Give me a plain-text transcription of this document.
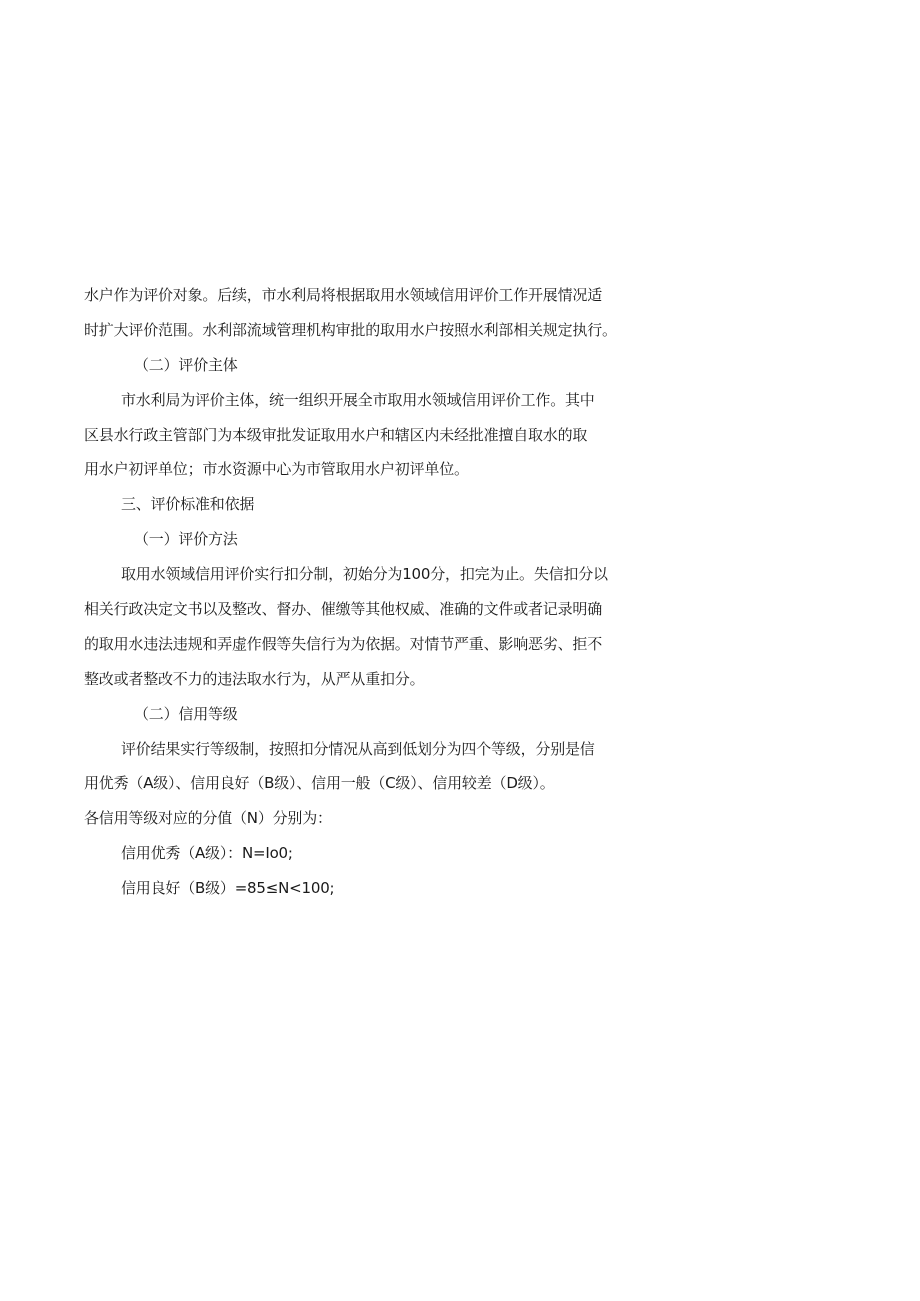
水户作为评价对象。后续，市水利局将根据取用水领域信用评价工作开展情况适
时扩大评价范围。水利部流域管理机构审批的取用水户按照水利部相关规定执行。
（二）评价主体
市水利局为评价主体，统一组织开展全市取用水领域信用评价工作。其中
区县水行政主管部门为本级审批发证取用水户和辖区内未经批准擅自取水的取
用水户初评单位；市水资源中心为市管取用水户初评单位。
三、评价标准和依据
（一）评价方法
取用水领域信用评价实行扣分制，初始分为100分，扣完为止。失信扣分以
相关行政决定文书以及整改、督办、催缴等其他权威、准确的文件或者记录明确
的取用水违法违规和弄虚作假等失信行为为依据。对情节严重、影响恶劣、拒不
整改或者整改不力的违法取水行为，从严从重扣分。
（二）信用等级
评价结果实行等级制，按照扣分情况从高到低划分为四个等级，分别是信
用优秀（A级）、信用良好（B级）、信用一般（C级）、信用较差（D级）。
各信用等级对应的分值（N）分别为：
信用优秀（A级）：N=Io0;
信用良好（B级）=85≤N<100;
